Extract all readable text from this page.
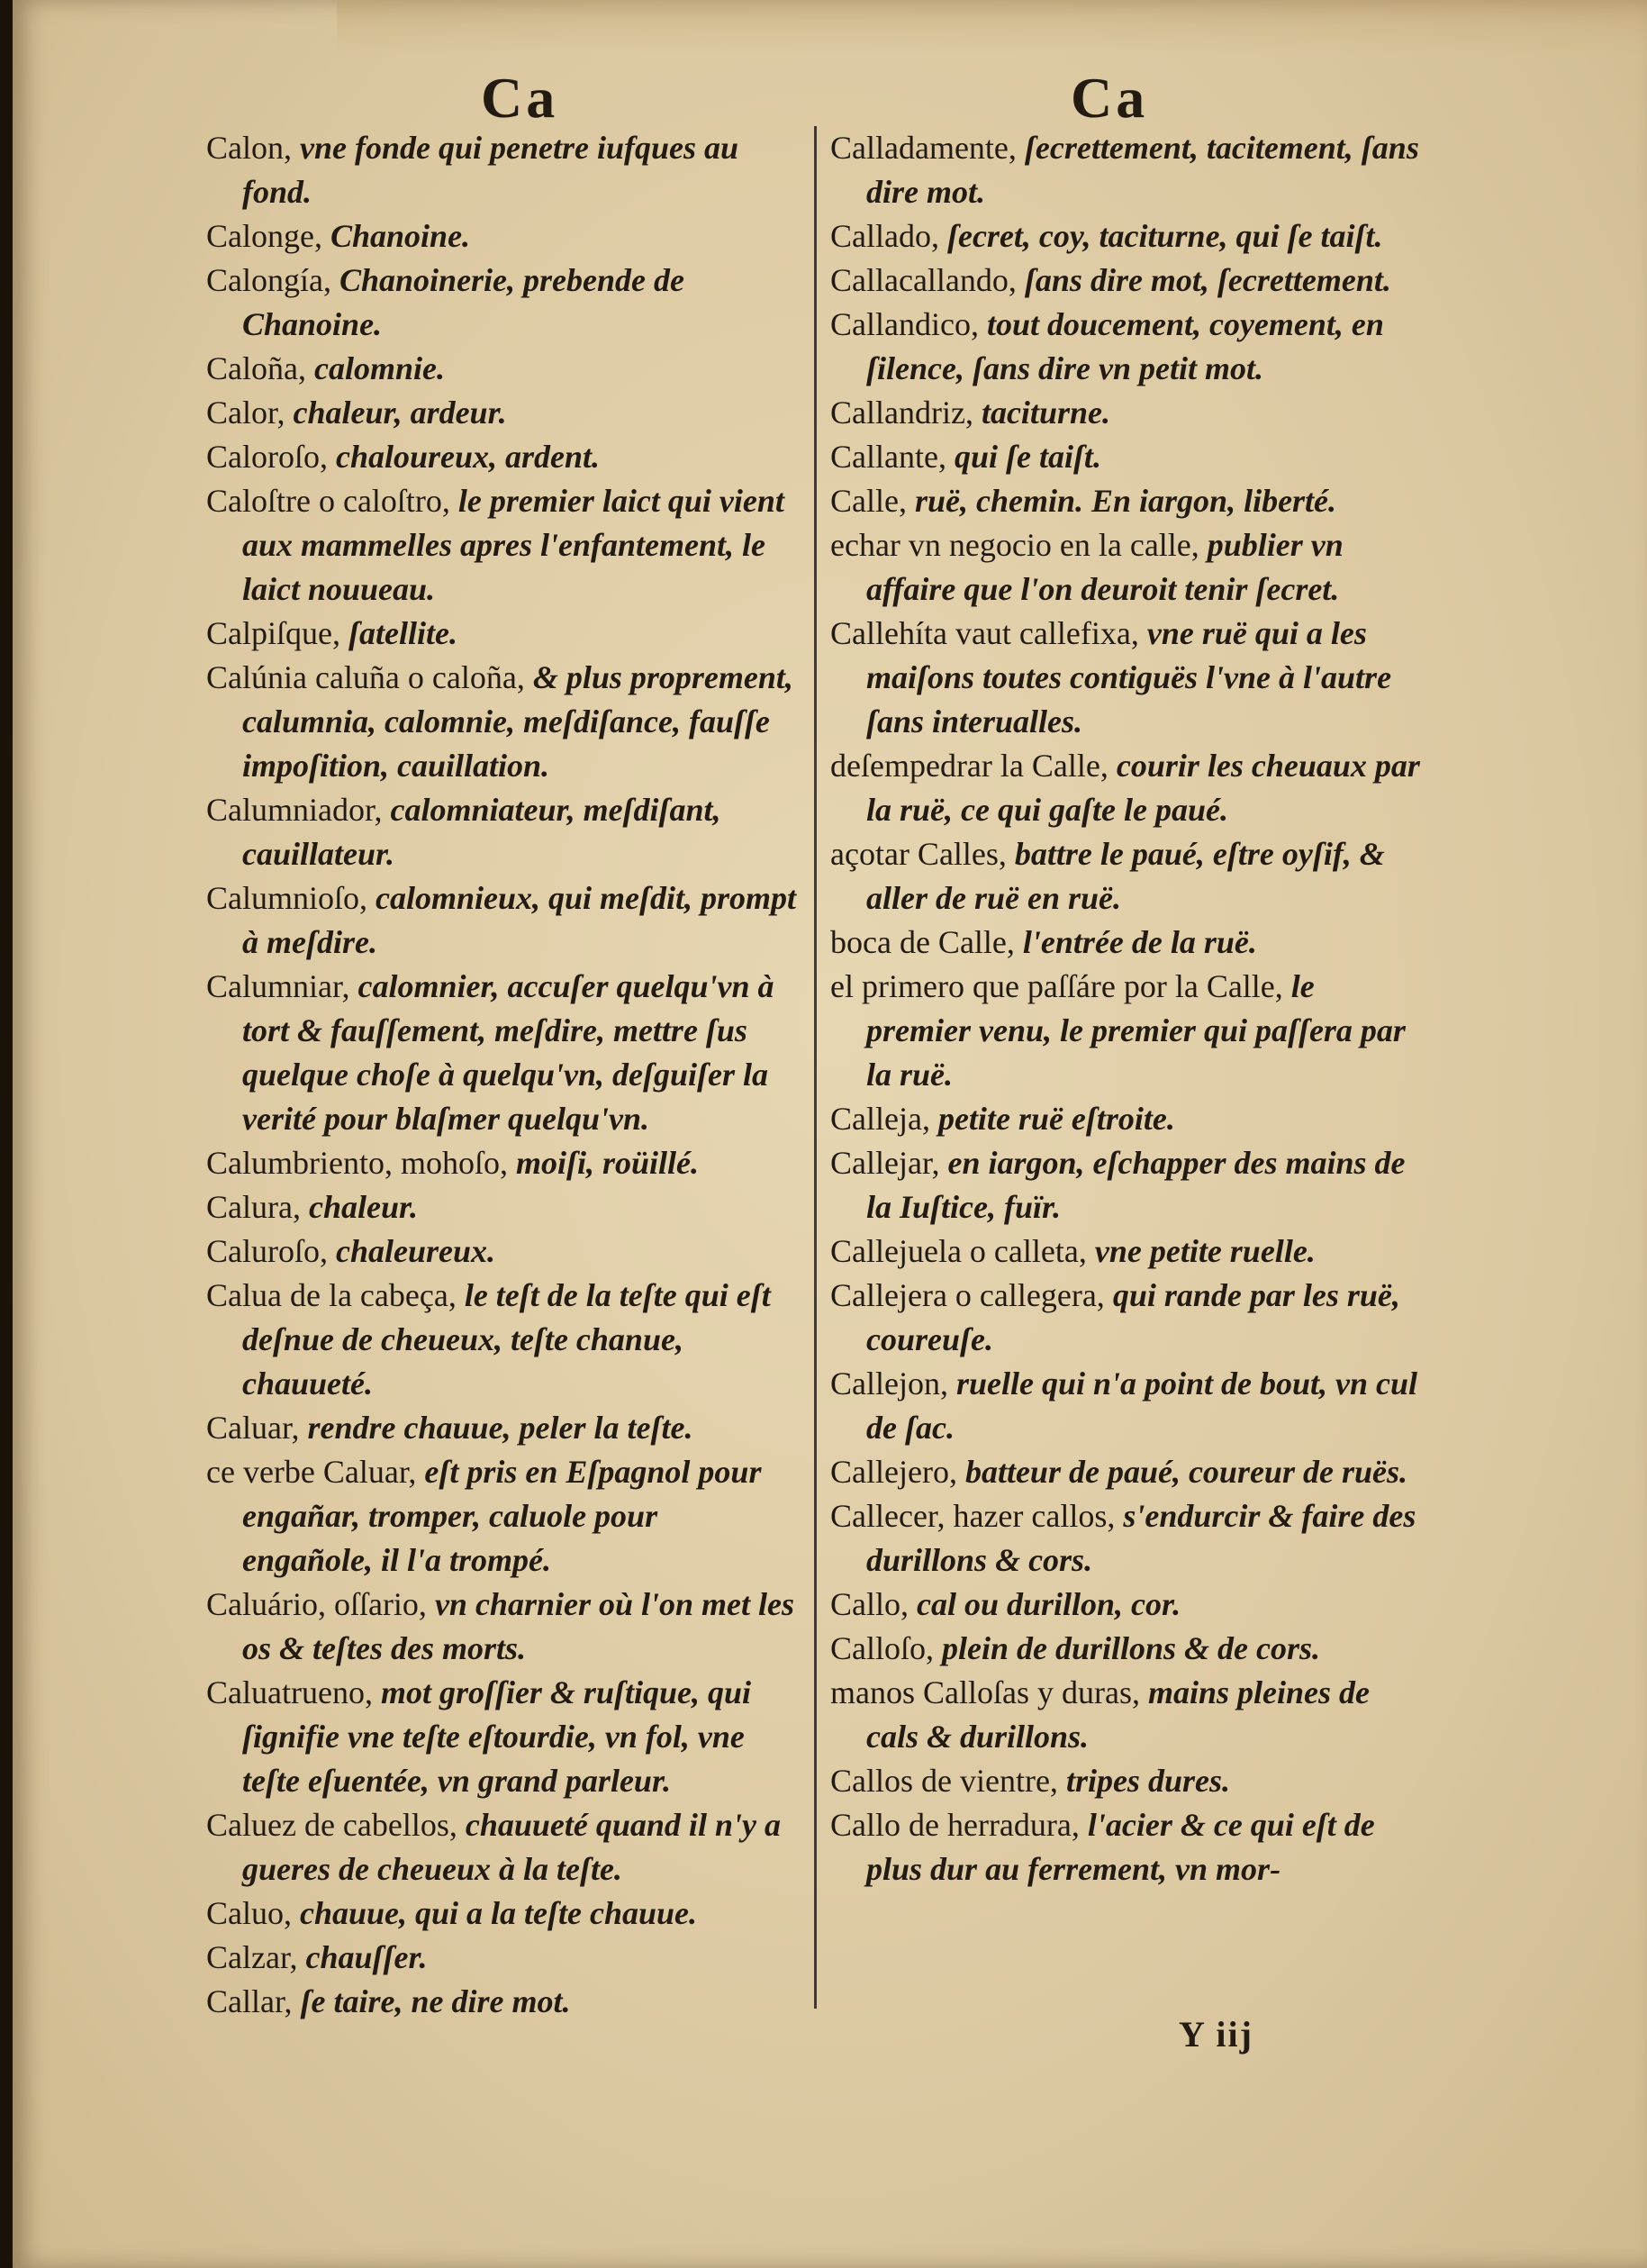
Ca	Ca

Calon, vne fonde qui penetre iufques au fond.

Calonge, Chanoine.

Calongía, Chanoinerie, prebende de Chanoine.

Caloña, calomnie.

Calor, chaleur, ardeur.

Caloroſo, chaloureux, ardent.

Caloſtre o caloſtro, le premier laict qui vient aux mammelles apres l'enfantement, le laict nouueau.

Calpiſque, ſatellite.

Calúnia caluña o caloña, & plus proprement, calumnia, calomnie, meſdiſance, fauſſe impoſition, cauillation.

Calumniador, calomniateur, meſdiſant, cauillateur.

Calumnioſo, calomnieux, qui meſdit, prompt à meſdire.

Calumniar, calomnier, accuſer quelqu'vn à tort & fauſſement, meſdire, mettre ſus quelque choſe à quelqu'vn, deſguiſer la verité pour blaſmer quelqu'vn.

Calumbriento, mohoſo, moiſi, roüillé.

Calura, chaleur.

Caluroſo, chaleureux.

Calua de la cabeça, le teſt de la teſte qui eſt deſnue de cheueux, teſte chanue, chauueté.

Caluar, rendre chauue, peler la teſte.

ce verbe Caluar, eſt pris en Eſpagnol pour engañar, tromper, caluole pour engañole, il l'a trompé.

Caluário, oſſario, vn charnier où l'on met les os & teſtes des morts.

Caluatrueno, mot groſſier & ruſtique, qui ſignifie vne teſte eſtourdie, vn fol, vne teſte eſuentée, vn grand parleur.

Caluez de cabellos, chauueté quand il n'y a gueres de cheueux à la teſte.

Caluo, chauue, qui a la teſte chauue.

Calzar, chauſſer.

Callar, ſe taire, ne dire mot.

Calladamente, ſecrettement, tacitement, ſans dire mot.

Callado, ſecret, coy, taciturne, qui ſe taiſt.

Callacallando, ſans dire mot, ſecrettement.

Callandico, tout doucement, coyement, en ſilence, ſans dire vn petit mot.

Callandriz, taciturne.

Callante, qui ſe taiſt.

Calle, ruë, chemin. En iargon, liberté.

echar vn negocio en la calle, publier vn affaire que l'on deuroit tenir ſecret.

Callehíta vaut callefixa, vne ruë qui a les maiſons toutes contiguës l'vne à l'autre ſans interualles.

deſempedrar la Calle, courir les cheuaux par la ruë, ce qui gaſte le paué.

açotar Calles, battre le paué, eſtre oyſif, & aller de ruë en ruë.

boca de Calle, l'entrée de la ruë.

el primero que paſſáre por la Calle, le premier venu, le premier qui paſſera par la ruë.

Calleja, petite ruë eſtroite.

Callejar, en iargon, eſchapper des mains de la Iuſtice, fuïr.

Callejuela o calleta, vne petite ruelle.

Callejera o callegera, qui rande par les ruë, coureuſe.

Callejon, ruelle qui n'a point de bout, vn cul de ſac.

Callejero, batteur de paué, coureur de ruës.

Callecer, hazer callos, s'endurcir & faire des durillons & cors.

Callo, cal ou durillon, cor.

Calloſo, plein de durillons & de cors.

manos Calloſas y duras, mains pleines de cals & durillons.

Callos de vientre, tripes dures.

Callo de herradura, l'acier & ce qui eſt de plus dur au ferrement, vn mor-

Y iij
